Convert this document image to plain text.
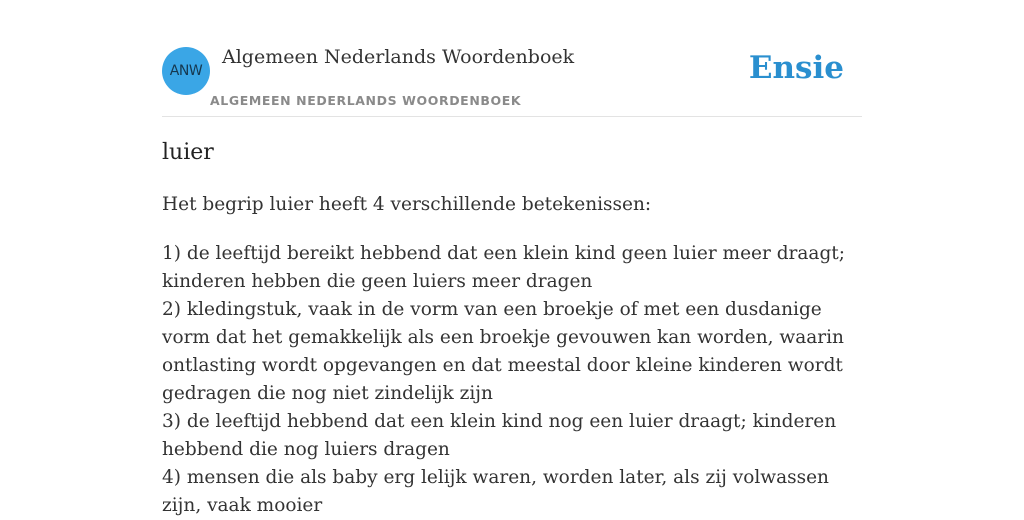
ANW
Algemeen Nederlands Woordenboek
ALGEMEEN NEDERLANDS WOORDENBOEK
Ensie
luier
Het begrip luier heeft 4 verschillende betekenissen:
1) de leeftijd bereikt hebbend dat een klein kind geen luier meer draagt; kinderen hebben die geen luiers meer dragen
2) kledingstuk, vaak in de vorm van een broekje of met een dusdanige vorm dat het gemakkelijk als een broekje gevouwen kan worden, waarin ontlasting wordt opgevangen en dat meestal door kleine kinderen wordt gedragen die nog niet zindelijk zijn
3) de leeftijd hebbend dat een klein kind nog een luier draagt; kinderen hebbend die nog luiers dragen
4) mensen die als baby erg lelijk waren, worden later, als zij volwassen zijn, vaak mooier
